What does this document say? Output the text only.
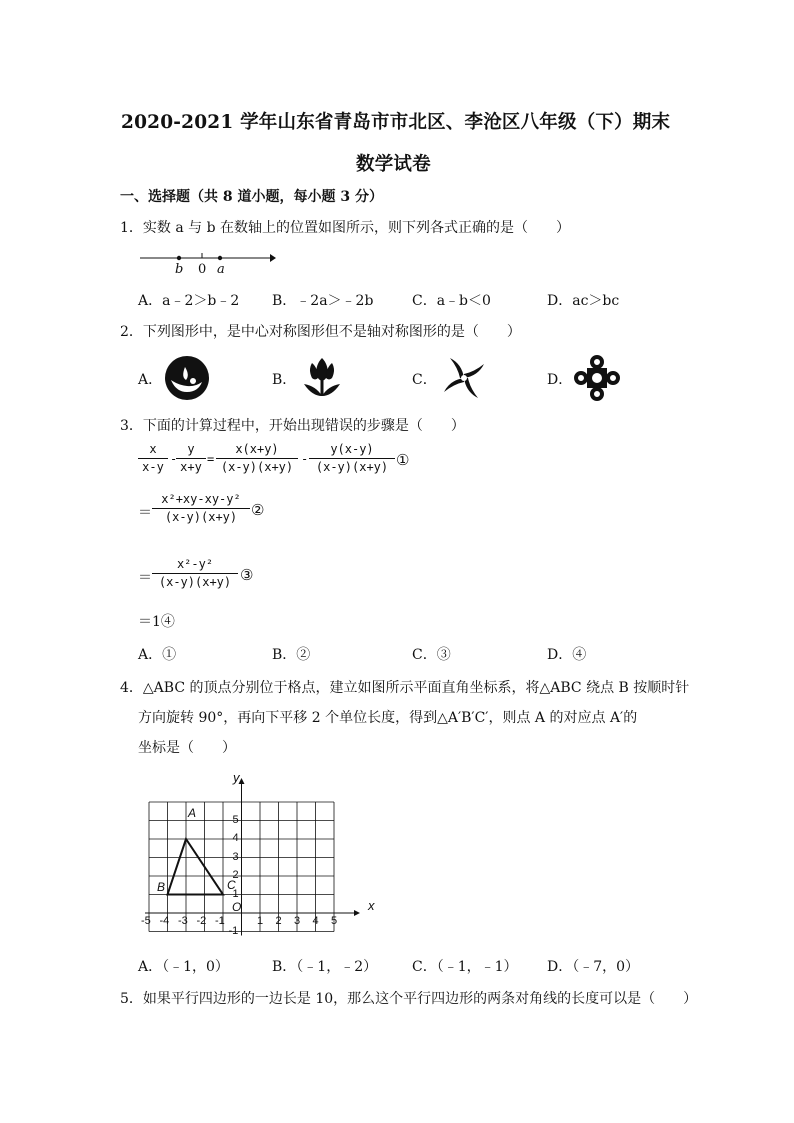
2020-2021 学年山东省青岛市市北区、李沧区八年级（下）期末
数学试卷
一、选择题（共 8 道小题，每小题 3 分）
1．实数 a 与 b 在数轴上的位置如图所示，则下列各式正确的是（　　）
b 0 a
A．a﹣2＞b﹣2 B．﹣2a＞﹣2b	C．a﹣b＜0	D．ac＞bc
2．下列图形中，是中心对称图形但不是轴对称图形的是（　　）
A．	B．	C．	D．
3．下面的计算过程中，开始出现错误的步骤是（　　）
x
x-y
-
y
x+y
=
x(x+y)
(x-y)(x+y)
-
y(x-y)
(x-y)(x+y) ①
＝
x²+xy-xy-y²
(x-y)(x+y) ②
＝
x²-y²
(x-y)(x+y) ③
＝1④
A．①	B．②	C．③	D．④
4．△ABC 的顶点分别位于格点，建立如图所示平面直角坐标系，将△ABC 绕点 B 按顺时针
方向旋转 90°，再向下平移 2 个单位长度，得到△A′B′C′，则点 A 的对应点 A′的
坐标是（　　）
y
x
O
A
B	C
-5 -4 -3 -2 -1	1 2 3 4 5
5
4
3
2
1
-1
A．（﹣1，0）	B．（﹣1，﹣2） C．（﹣1，﹣1） D．（﹣7，0）
5．如果平行四边形的一边长是 10，那么这个平行四边形的两条对角线的长度可以是（　　）
